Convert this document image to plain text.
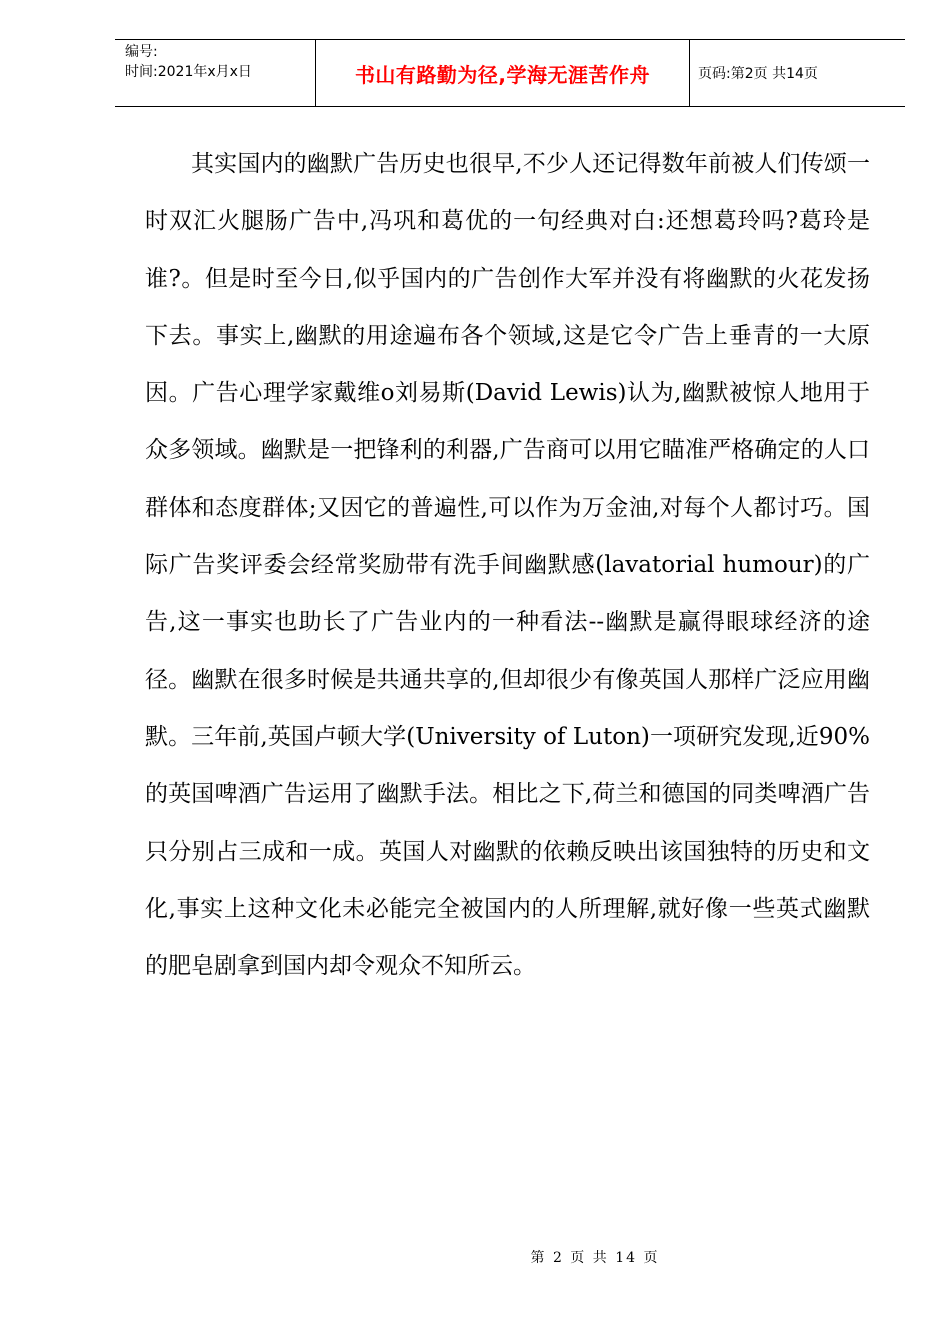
编号:
时间:2021年x月x日	书山有路勤为径,学海无涯苦作舟	页码:第2页 共14页

其实国内的幽默广告历史也很早,不少人还记得数年前被人们传颂一时双汇火腿肠广告中,冯巩和葛优的一句经典对白:还想葛玲吗?葛玲是谁?。但是时至今日,似乎国内的广告创作大军并没有将幽默的火花发扬下去。事实上,幽默的用途遍布各个领域,这是它令广告上垂青的一大原因。广告心理学家戴维ο刘易斯(David Lewis)认为,幽默被惊人地用于众多领域。幽默是一把锋利的利器,广告商可以用它瞄准严格确定的人口群体和态度群体;又因它的普遍性,可以作为万金油,对每个人都讨巧。国际广告奖评委会经常奖励带有洗手间幽默感(lavatorial humour)的广告,这一事实也助长了广告业内的一种看法--幽默是赢得眼球经济的途径。幽默在很多时候是共通共享的,但却很少有像英国人那样广泛应用幽默。三年前,英国卢顿大学(University of Luton)一项研究发现,近90%的英国啤酒广告运用了幽默手法。相比之下,荷兰和德国的同类啤酒广告只分别占三成和一成。英国人对幽默的依赖反映出该国独特的历史和文化,事实上这种文化未必能完全被国内的人所理解,就好像一些英式幽默的肥皂剧拿到国内却令观众不知所云。

第 2 页 共 14 页
